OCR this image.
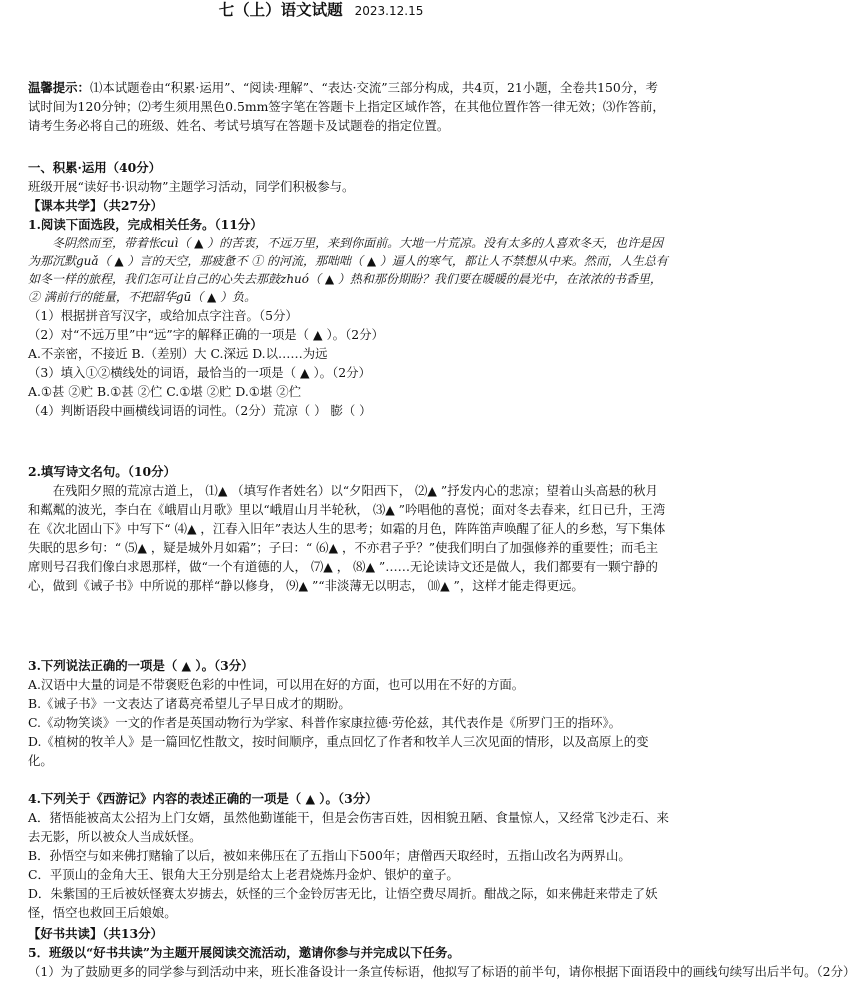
七（上）语文试题 2023.12.15

温馨提示：⑴本试题卷由“积累·运用”、“阅读·理解”、“表达·交流”三部分构成，共4页，21小题，全卷共150分，考试时间为120分钟；⑵考生须用黑色0.5mm签字笔在答题卡上指定区域作答，在其他位置作答一律无效；⑶作答前，请考生务必将自己的班级、姓名、考试号填写在答题卡及试题卷的指定位置。

一、积累·运用（40分）

班级开展“读好书·识动物”主题学习活动，同学们积极参与。

【课本共学】（共27分）

1.阅读下面选段，完成相关任务。（11分）

冬阴然而至，带着怅cuì（ ▲ ）的苦衷，不远万里，来到你面前。大地一片荒凉。没有太多的人喜欢冬天，也许是因为那沉默guǎ（ ▲ ）言的天空，那疲惫不 ① 的河流，那咄咄（ ▲ ）逼人的寒气，都让人不禁想从中来。然而，人生总有如冬一样的旅程，我们怎可让自己的心失去那鼓zhuó（ ▲ ）热和那份期盼？我们要在暖暖的晨光中，在浓浓的书香里， ② 满前行的能量，不把韶华gū（ ▲ ）负。

（1）根据拼音写汉字，或给加点字注音。（5分）

（2）对“不远万里”中“远”字的解释正确的一项是（ ▲ ）。（2分）

A.不亲密，不接近 B.（差别）大 C.深远 D.以……为远

（3）填入①②横线处的词语，最恰当的一项是（ ▲ ）。（2分）

A.①甚 ②贮 B.①甚 ②伫 C.①堪 ②贮 D.①堪 ②伫

（4）判断语段中画横线词语的词性。（2分）荒凉（ ） 膨（ ）

2.填写诗文名句。（10分）

在残阳夕照的荒凉古道上， ⑴▲ （填写作者姓名）以“夕阳西下， ⑵▲ ”抒发内心的悲凉；望着山头高悬的秋月和粼粼的波光，李白在《峨眉山月歌》里以“峨眉山月半轮秋， ⑶▲ ”吟唱他的喜悦；面对冬去春来，红日已升，王湾在《次北固山下》中写下“ ⑷▲ ，江春入旧年”表达人生的思考；如霜的月色，阵阵笛声唤醒了征人的乡愁，写下集体失眠的思乡句：“ ⑸▲ ，疑是城外月如霜”；子曰：“ ⑹▲ ，不亦君子乎？”使我们明白了加强修养的重要性；而毛主席则号召我们像白求恩那样，做“一个有道德的人， ⑺▲ ， ⑻▲ ”……无论读诗文还是做人，我们都要有一颗宁静的心，做到《诫子书》中所说的那样“静以修身， ⑼▲ ”“非淡薄无以明志， ⑽▲ ”，这样才能走得更远。

3.下列说法正确的一项是（ ▲ ）。（3分）

A.汉语中大量的词是不带褒贬色彩的中性词，可以用在好的方面，也可以用在不好的方面。

B.《诫子书》一文表达了诸葛亮希望儿子早日成才的期盼。

C.《动物笑谈》一文的作者是英国动物行为学家、科普作家康拉德·劳伦兹，其代表作是《所罗门王的指环》。

D.《植树的牧羊人》是一篇回忆性散文，按时间顺序，重点回忆了作者和牧羊人三次见面的情形，以及高原上的变化。

4.下列关于《西游记》内容的表述正确的一项是（ ▲ ）。（3分）

A．猪悟能被高太公招为上门女婿，虽然他勤谨能干，但是会伤害百姓，因相貌丑陋、食量惊人，又经常飞沙走石、来去无影，所以被众人当成妖怪。

B．孙悟空与如来佛打赌输了以后，被如来佛压在了五指山下500年；唐僧西天取经时，五指山改名为两界山。

C．平顶山的金角大王、银角大王分别是给太上老君烧炼丹金炉、银炉的童子。

D．朱紫国的王后被妖怪赛太岁掳去，妖怪的三个金铃厉害无比，让悟空费尽周折。酣战之际，如来佛赶来带走了妖怪，悟空也救回王后娘娘。

【好书共读】（共13分）

5．班级以“好书共读”为主题开展阅读交流活动，邀请你参与并完成以下任务。

（1）为了鼓励更多的同学参与到活动中来，班长准备设计一条宣传标语，他拟写了标语的前半句，请你根据下面语段中的画线句续写出后半句。（2分）
